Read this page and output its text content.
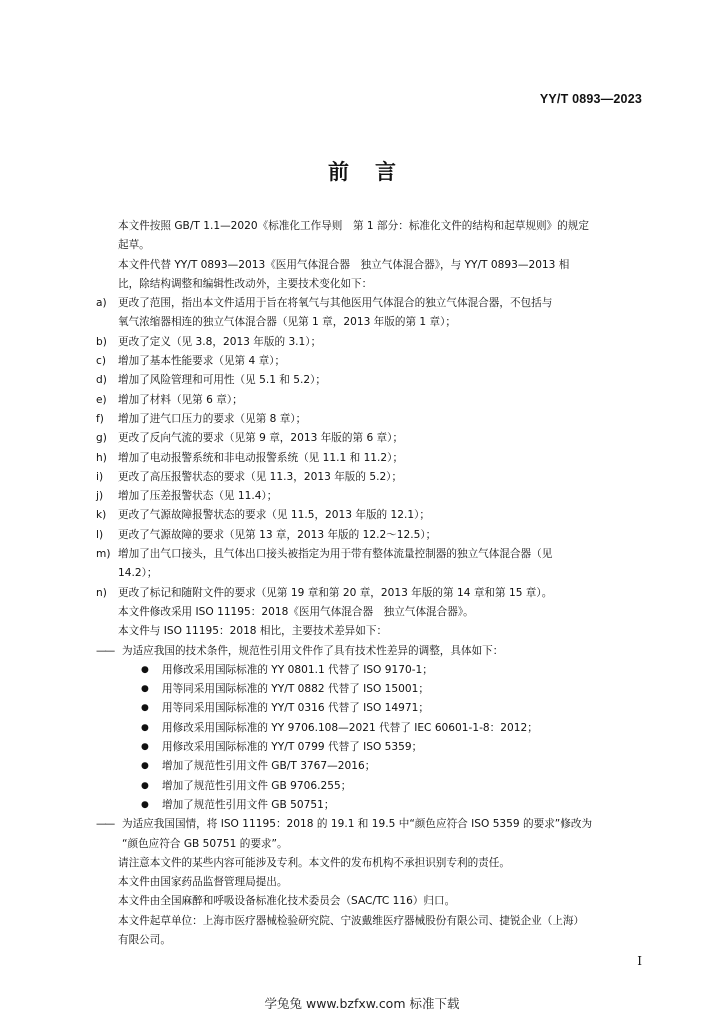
YY/T 0893—2023
前言
本文件按照 GB/T 1.1—2020《标准化工作导则　第 1 部分：标准化文件的结构和起草规则》的规定
起草。
本文件代替 YY/T 0893—2013《医用气体混合器　独立气体混合器》，与 YY/T 0893—2013 相
比，除结构调整和编辑性改动外，主要技术变化如下：
a)	更改了范围，指出本文件适用于旨在将氧气与其他医用气体混合的独立气体混合器，不包括与
氧气浓缩器相连的独立气体混合器（见第 1 章，2013 年版的第 1 章）；
b)	更改了定义（见 3.8，2013 年版的 3.1）；
c)	增加了基本性能要求（见第 4 章）；
d)	增加了风险管理和可用性（见 5.1 和 5.2）；
e)	增加了材料（见第 6 章）；
f)	增加了进气口压力的要求（见第 8 章）；
g)	更改了反向气流的要求（见第 9 章，2013 年版的第 6 章）；
h)	增加了电动报警系统和非电动报警系统（见 11.1 和 11.2）；
i)	更改了高压报警状态的要求（见 11.3，2013 年版的 5.2）；
j)	增加了压差报警状态（见 11.4）；
k)	更改了气源故障报警状态的要求（见 11.5，2013 年版的 12.1）；
l)	更改了气源故障的要求（见第 13 章，2013 年版的 12.2～12.5）；
m) 增加了出气口接头，且气体出口接头被指定为用于带有整体流量控制器的独立气体混合器（见
14.2）；
n)	更改了标记和随附文件的要求（见第 19 章和第 20 章，2013 年版的第 14 章和第 15 章）。
本文件修改采用 ISO 11195：2018《医用气体混合器　独立气体混合器》。
本文件与 ISO 11195：2018 相比，主要技术差异如下：
—— 为适应我国的技术条件，规范性引用文件作了具有技术性差异的调整，具体如下：
●	用修改采用国际标准的 YY 0801.1 代替了 ISO 9170-1；
●	用等同采用国际标准的 YY/T 0882 代替了 ISO 15001；
●	用等同采用国际标准的 YY/T 0316 代替了 ISO 14971；
●	用修改采用国际标准的 YY 9706.108—2021 代替了 IEC 60601-1-8：2012；
●	用修改采用国际标准的 YY/T 0799 代替了 ISO 5359；
●	增加了规范性引用文件 GB/T 3767—2016；
●	增加了规范性引用文件 GB 9706.255；
●	增加了规范性引用文件 GB 50751；
—— 为适应我国国情，将 ISO 11195：2018 的 19.1 和 19.5 中“颜色应符合 ISO 5359 的要求”修改为
“颜色应符合 GB 50751 的要求”。
请注意本文件的某些内容可能涉及专利。本文件的发布机构不承担识别专利的责任。
本文件由国家药品监督管理局提出。
本文件由全国麻醉和呼吸设备标准化技术委员会（SAC/TC 116）归口。
本文件起草单位：上海市医疗器械检验研究院、宁波戴维医疗器械股份有限公司、捷锐企业（上海）
有限公司。
I
学兔兔 www.bzfxw.com 标准下载
